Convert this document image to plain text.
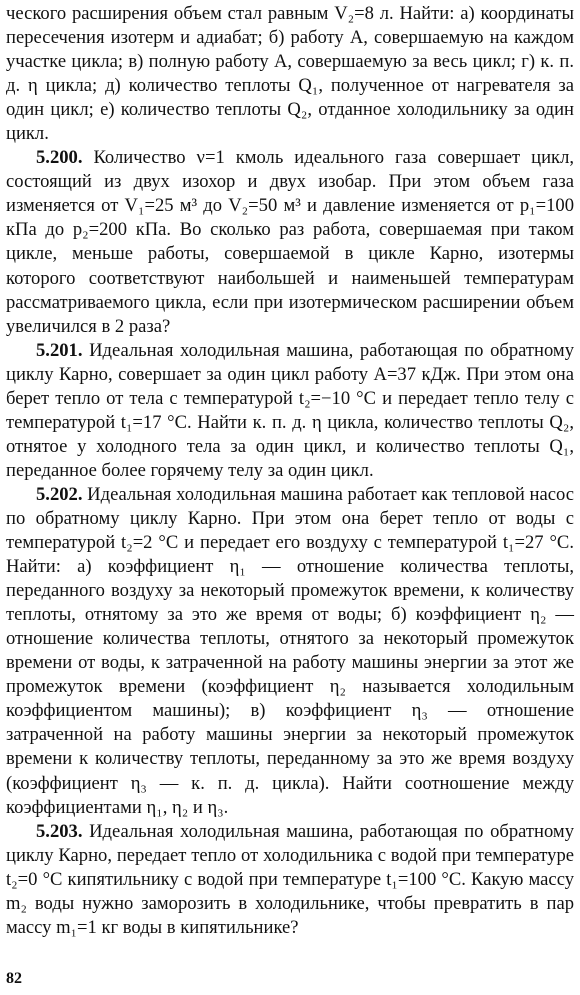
ческого расширения объем стал равным V₂=8 л. Найти: а) координаты пересечения изотерм и адиабат; б) работу A, совершаемую на каждом участке цикла; в) полную работу A, совершаемую за весь цикл; г) к. п. д. η цикла; д) количество теплоты Q₁, полученное от нагревателя за один цикл; е) количество теплоты Q₂, отданное холодильнику за один цикл.

5.200. Количество ν=1 кмоль идеального газа совершает цикл, состоящий из двух изохор и двух изобар. При этом объем газа изменяется от V₁=25 м³ до V₂=50 м³ и давление изменяется от p₁=100 кПа до p₂=200 кПа. Во сколько раз работа, совершаемая при таком цикле, меньше работы, совершаемой в цикле Карно, изотермы которого соответствуют наибольшей и наименьшей температурам рассматриваемого цикла, если при изотермическом расширении объем увеличился в 2 раза?

5.201. Идеальная холодильная машина, работающая по обратному циклу Карно, совершает за один цикл работу A=37 кДж. При этом она берет тепло от тела с температурой t₂=−10 °C и передает тепло телу с температурой t₁=17 °C. Найти к. п. д. η цикла, количество теплоты Q₂, отнятое у холодного тела за один цикл, и количество теплоты Q₁, переданное более горячему телу за один цикл.

5.202. Идеальная холодильная машина работает как тепловой насос по обратному циклу Карно. При этом она берет тепло от воды с температурой t₂=2 °C и передает его воздуху с температурой t₁=27 °C. Найти: а) коэффициент η₁ — отношение количества теплоты, переданного воздуху за некоторый промежуток времени, к количеству теплоты, отнятому за это же время от воды; б) коэффициент η₂ — отношение количества теплоты, отнятого за некоторый промежуток времени от воды, к затраченной на работу машины энергии за этот же промежуток времени (коэффициент η₂ называется холодильным коэффициентом машины); в) коэффициент η₃ — отношение затраченной на работу машины энергии за некоторый промежуток времени к количеству теплоты, переданному за это же время воздуху (коэффициент η₃ — к. п. д. цикла). Найти соотношение между коэффициентами η₁, η₂ и η₃.

5.203. Идеальная холодильная машина, работающая по обратному циклу Карно, передает тепло от холодильника с водой при температуре t₂=0 °C кипятильнику с водой при температуре t₁=100 °C. Какую массу m₂ воды нужно заморозить в холодильнике, чтобы превратить в пар массу m₁=1 кг воды в кипятильнике?

82
